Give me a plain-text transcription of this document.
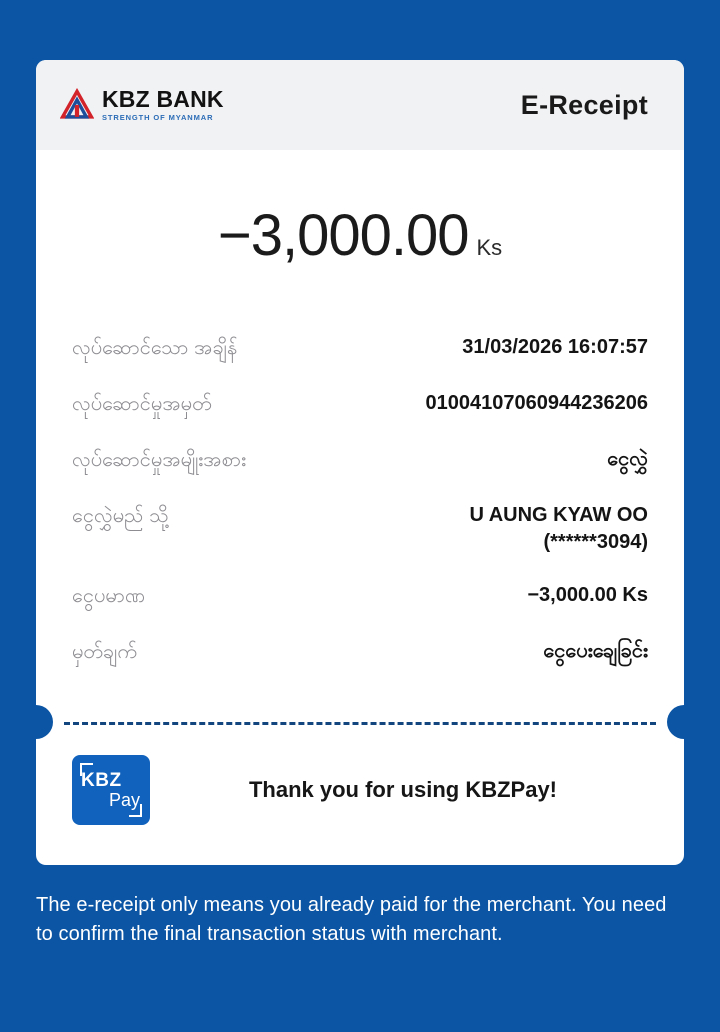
KBZ BANK
STRENGTH OF MYANMAR	E-Receipt
−3,000.00 Ks
လုပ်ဆောင်သော အချိန်	31/03/2026 16:07:57
လုပ်ဆောင်မှုအမှတ်	01004107060944236206
လုပ်ဆောင်မှုအမျိုးအစား	ငွေလွှဲ
ငွေလွှဲမည် သို့	U AUNG KYAW OO
(******3094)
ငွေပမာဏ	−3,000.00 Ks
မှတ်ချက်	ငွေပေးချေခြင်း
KBZ
Pay	Thank you for using KBZPay!
The e-receipt only means you already paid for the merchant. You need to confirm the final transaction status with merchant.
